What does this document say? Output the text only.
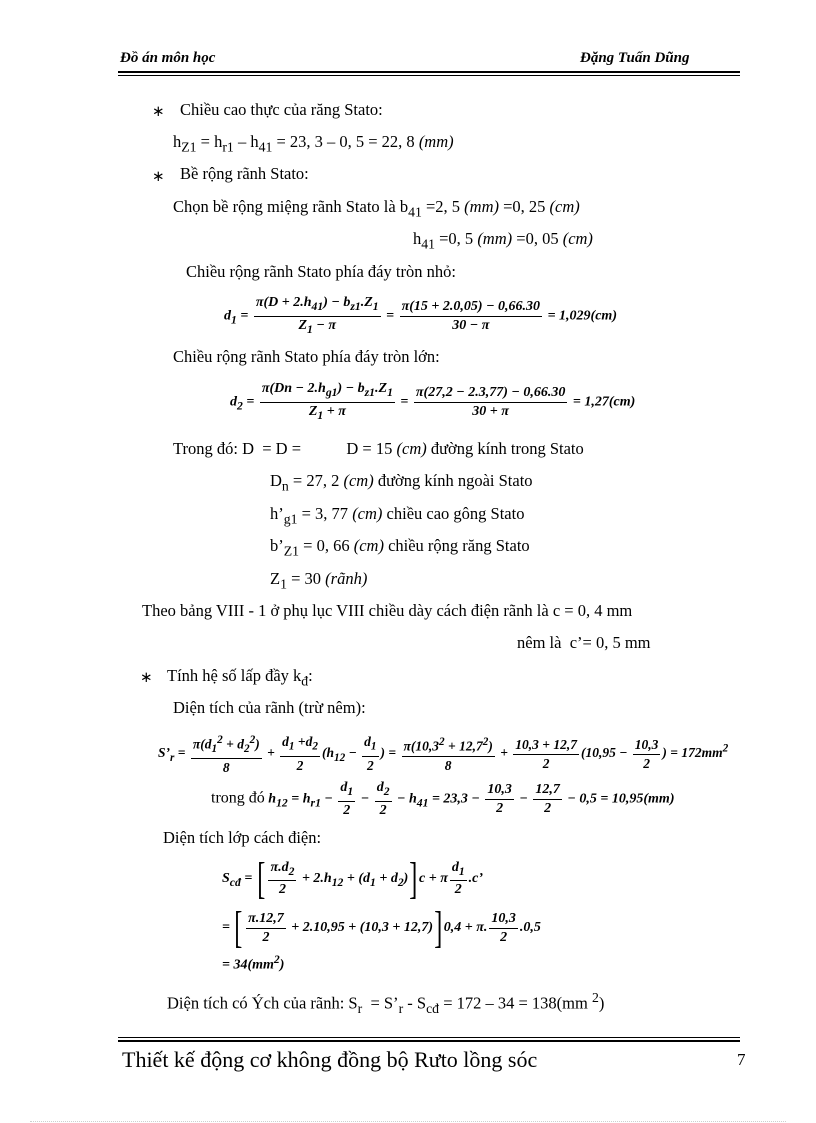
Đồ án môn học	Đặng Tuấn Dũng
∗
∗
∗
Chiều cao thực của răng Stato:
$h_{Z1} = h_{r1} - h_{41} = 23$, 3 – 0, 5 = 22, 8 (mm)
Bề rộng rãnh Stato:
Chọn bề rộng miệng rãnh Stato là $b_{41} =2$, 5 (mm) =0, 25 (cm)
$h_{41} =0$, 5 (mm) =0, 05 (cm)
Chiều rộng rãnh Stato phía đáy tròn nhỏ:
$d_1 = \frac{\pi(D + 2.h_{41}) - b_{z1}.Z_1}{Z_1 - \pi} = \frac{\pi(15 + 2.0,05) - 0,66.30}{30 - \pi} = 1,029(cm)$
Chiều rộng rãnh Stato phía đáy tròn lớn:
$d_2 = \frac{\pi(Dn - 2.h_{g1}) - b_{z1}.Z_1}{Z_1 + \pi} = \frac{\pi(27,2 - 2.3,77) - 0,66.30}{30 + \pi} = 1,27(cm)$
Trong đó: D  = D =           D = 15 (cm) đường kính trong Stato
$D_n = 27$, 2 (cm) đường kính ngoài Stato
$h’_{g1} = 3$, 77 (cm) chiều cao gông Stato
$b’_{Z1} = 0$, 66 (cm) chiều rộng răng Stato
$Z_1 = 30$ (rãnh)
Theo bảng VIII - 1 ở phụ lục VIII chiều dày cách điện rãnh là c = 0, 4 mm
nêm là  c’= 0, 5 mm
Tính hệ số lấp đầy $k_đ$:
Diện tích của rãnh (trừ nêm):
$S’_r = \frac{\pi(d_1^2 + d_2^2)}{8} + \frac{d_1 +d_2}{2} (h_{12} - \frac{d_1}{2}$ ) = $\frac{\pi(10,3^2 + 12,7^2)}{8} + \frac{10,3 + 12,7}{2} (10,95 - \frac{10,3}{2}$ ) = $172mm^2$
trong đó $h_{12} = h_{r1} - \frac{d_1}{2} - \frac{d_2}{2} - h_{41} = 23,3 - \frac{10,3}{2} - \frac{12,7}{2} - 0,5 = 10,95(mm)$
Diện tích lớp cách điện:
$S_{cđ}$ = [ $\frac{\pi.d_2}{2} + 2.h_{12} + (d_1 + d_2)]c + \pi \frac{d_1}{2} .c$’
= [ $\frac{\pi.12,7}{2} + 2.10,95 + (10,3 + 12,7)]0,4 + \pi$. $\frac{10,3}{2} .0,5$
= $34(mm^2)$
Diện tích có Ých của rãnh: $S_r$  = $S’_r - S_{cđ} = 172 - 34 = 138(mm$ $^2$)
Thiết kế động cơ không đồng bộ Rưto lồng sóc	7
